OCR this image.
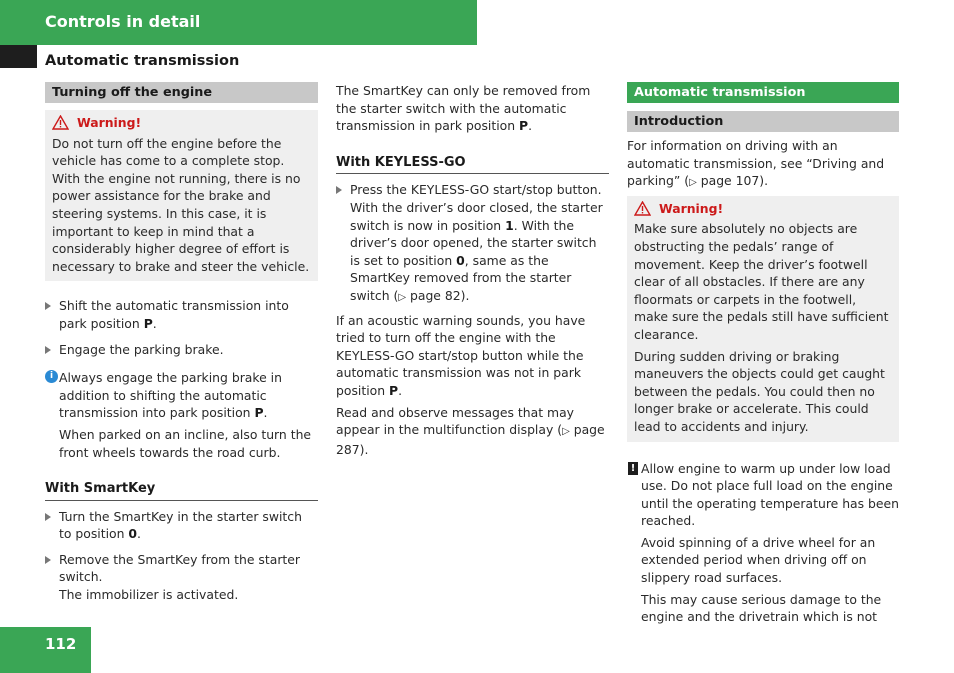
Controls in detail
Automatic transmission
Turning off the engine
Warning!

Do not turn off the engine before the vehicle has come to a complete stop. With the engine not running, there is no power assistance for the brake and steering systems. In this case, it is important to keep in mind that a considerably higher degree of effort is necessary to brake and steer the vehicle.

Shift the automatic transmission into park position P.
Engage the parking brake.
i Always engage the parking brake in addition to shifting the automatic transmission into park position P.

When parked on an incline, also turn the front wheels towards the road curb.

With SmartKey
Turn the SmartKey in the starter switch to position 0.
Remove the SmartKey from the starter switch.

The immobilizer is activated.

The SmartKey can only be removed from the starter switch with the automatic transmission in park position P.

With KEYLESS-GO
Press the KEYLESS-GO start/stop button. With the driver’s door closed, the starter switch is now in position 1. With the driver’s door opened, the starter switch is set to position 0, same as the SmartKey removed from the starter switch (▷ page 82).

If an acoustic warning sounds, you have tried to turn off the engine with the KEYLESS-GO start/stop button while the automatic transmission was not in park position P.

Read and observe messages that may appear in the multifunction display (▷ page 287).

Automatic transmission
Introduction

For information on driving with an automatic transmission, see “Driving and parking” (▷ page 107).

Warning!

Make sure absolutely no objects are obstructing the pedals’ range of movement. Keep the driver’s footwell clear of all obstacles. If there are any floormats or carpets in the footwell, make sure the pedals still have sufficient clearance.

During sudden driving or braking maneuvers the objects could get caught between the pedals. You could then no longer brake or accelerate. This could lead to accidents and injury.

! Allow engine to warm up under low load use. Do not place full load on the engine until the operating temperature has been reached.

Avoid spinning of a drive wheel for an extended period when driving off on slippery road surfaces.

This may cause serious damage to the engine and the drivetrain which is not

112
